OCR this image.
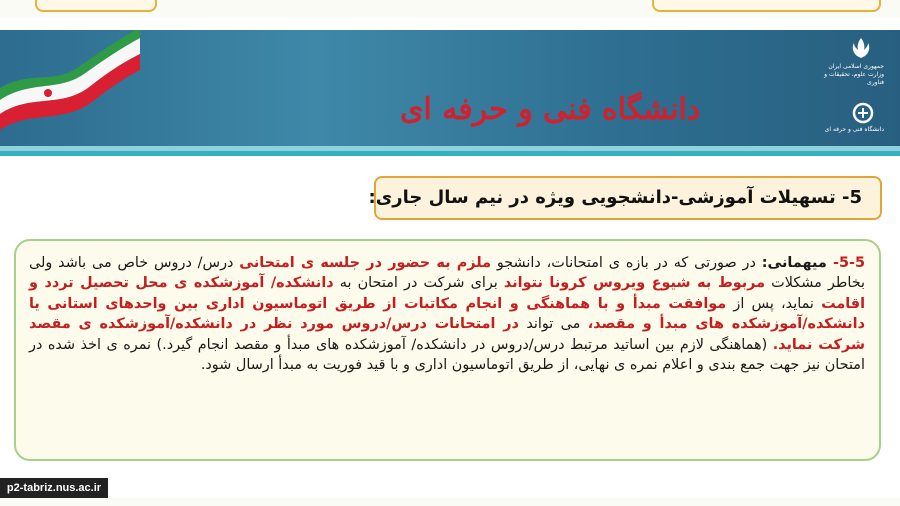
دانشگاه فنی و حرفه ای
جمهوری اسلامی ایران وزارت علوم، تحقیقات و فناوری
دانشگاه فنی و حرفه ای
5- تسهیلات آموزشی-دانشجویی ویژه در نیم سال جاری:

5-5- میهمانی: در صورتی که در بازه ی امتحانات، دانشجو ملزم به حضور در جلسه ی امتحانی درس/ دروس خاص می باشد ولی بخاطر مشکلات مربوط به شیوع ویروس کرونا نتواند برای شرکت در امتحان به دانشکده/ آموزشکده ی محل تحصیل تردد و اقامت نماید، پس از موافقت مبدأ و با هماهنگی و انجام مکاتبات از طریق اتوماسیون اداری بین واحدهای استانی یا دانشکده/آموزشکده های مبدأ و مقصد، می تواند در امتحانات درس/دروس مورد نظر در دانشکده/آموزشکده ی مقصد شرکت نماید. (هماهنگی لازم بین اساتید مرتبط درس/دروس در دانشکده/ آموزشکده های مبدأ و مقصد انجام گیرد.) نمره ی اخذ شده در امتحان نیز جهت جمع بندی و اعلام نمره ی نهایی، از طریق اتوماسیون اداری و با قید فوریت به مبدأ ارسال شود.

p2-tabriz.nus.ac.ir
